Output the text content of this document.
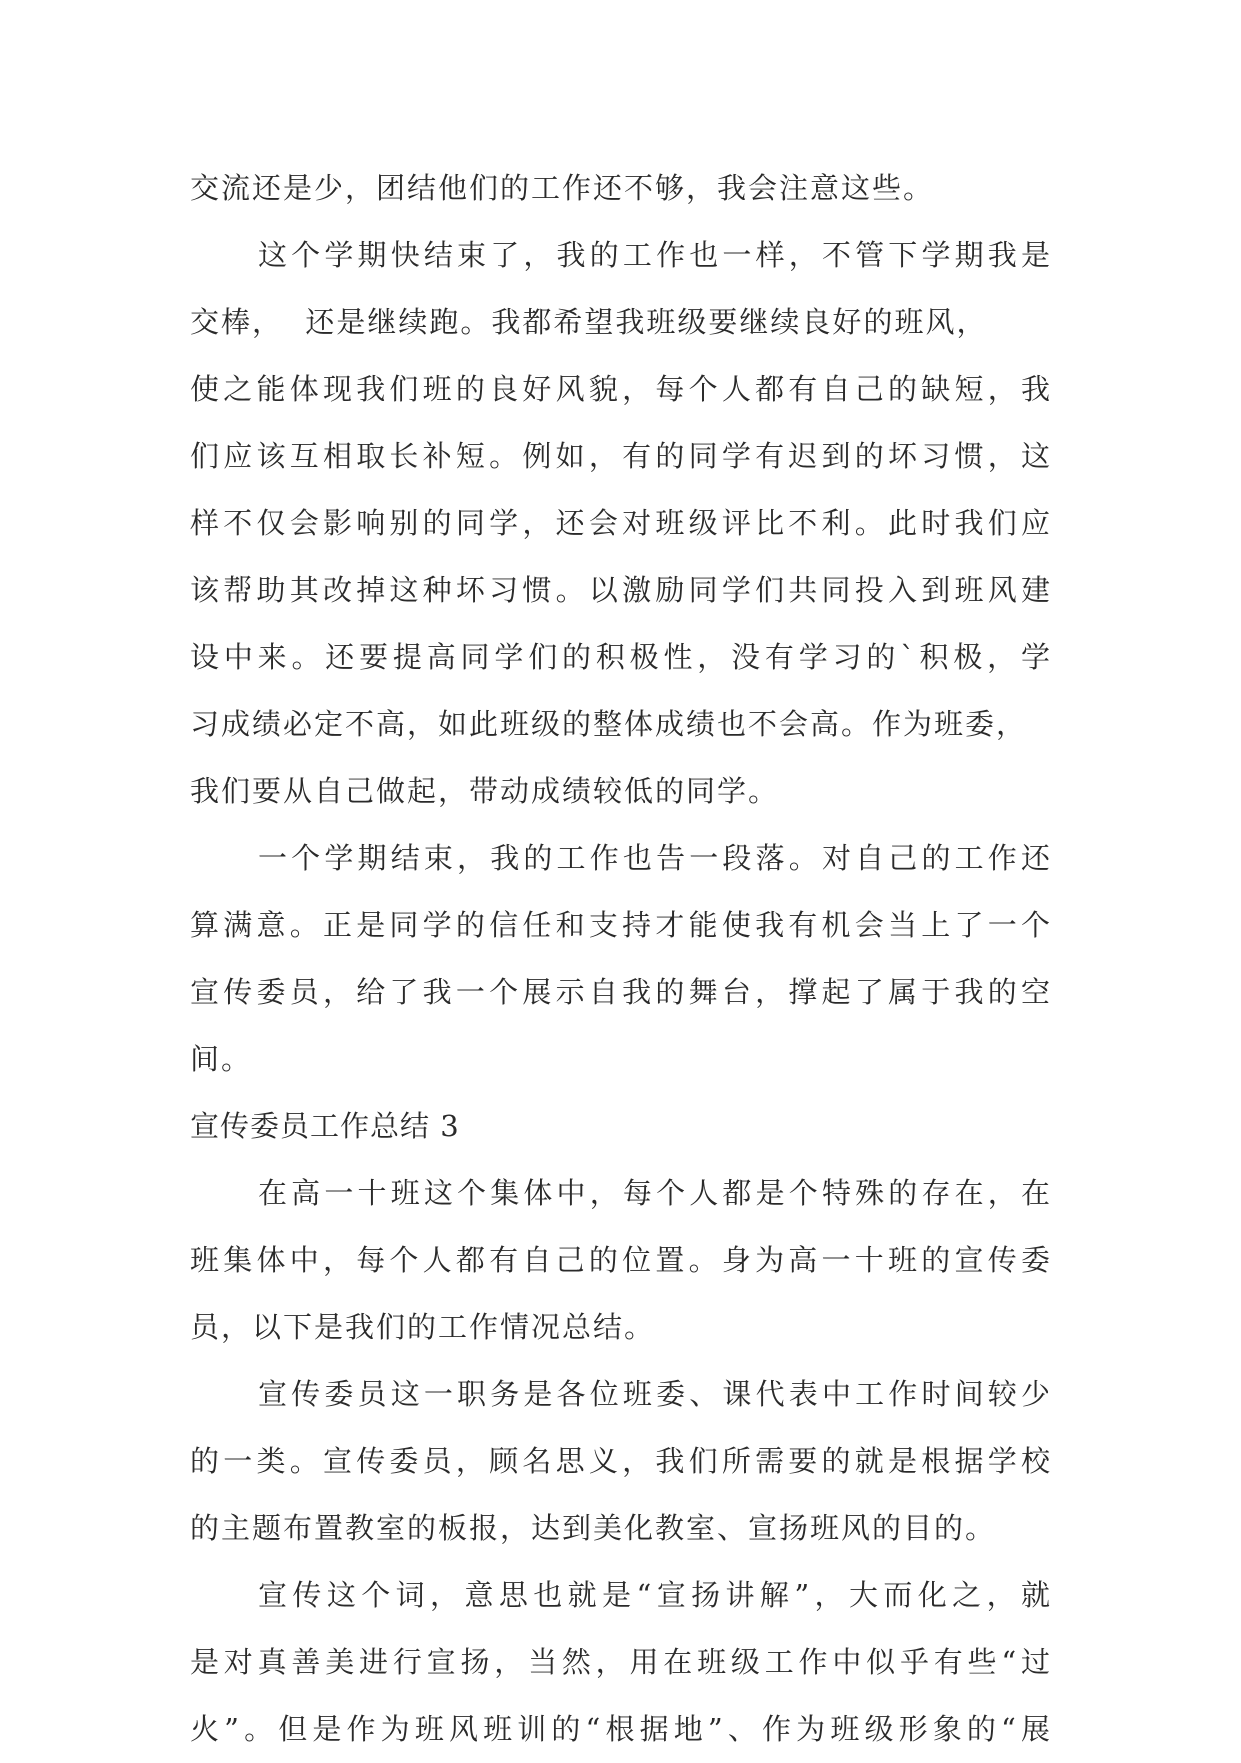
交流还是少，团结他们的工作还不够，我会注意这些。
这个学期快结束了，我的工作也一样，不管下学期我是
交棒，  还是继续跑。我都希望我班级要继续良好的班风，
使之能体现我们班的良好风貌，每个人都有自己的缺短，我
们应该互相取长补短。例如，有的同学有迟到的坏习惯，这
样不仅会影响别的同学，还会对班级评比不利。此时我们应
该帮助其改掉这种坏习惯。以激励同学们共同投入到班风建
设中来。还要提高同学们的积极性，没有学习的`积极，学
习成绩必定不高，如此班级的整体成绩也不会高。作为班委，
我们要从自己做起，带动成绩较低的同学。
一个学期结束，我的工作也告一段落。对自己的工作还
算满意。正是同学的信任和支持才能使我有机会当上了一个
宣传委员，给了我一个展示自我的舞台，撑起了属于我的空
间。
宣传委员工作总结 3
在高一十班这个集体中，每个人都是个特殊的存在，在
班集体中，每个人都有自己的位置。身为高一十班的宣传委
员，以下是我们的工作情况总结。
宣传委员这一职务是各位班委、课代表中工作时间较少
的一类。宣传委员，顾名思义，我们所需要的就是根据学校
的主题布置教室的板报，达到美化教室、宣扬班风的目的。
宣传这个词，意思也就是“宣扬讲解”，大而化之，就
是对真善美进行宣扬，当然，用在班级工作中似乎有些“过
火”。但是作为班风班训的“根据地”、作为班级形象的“展
